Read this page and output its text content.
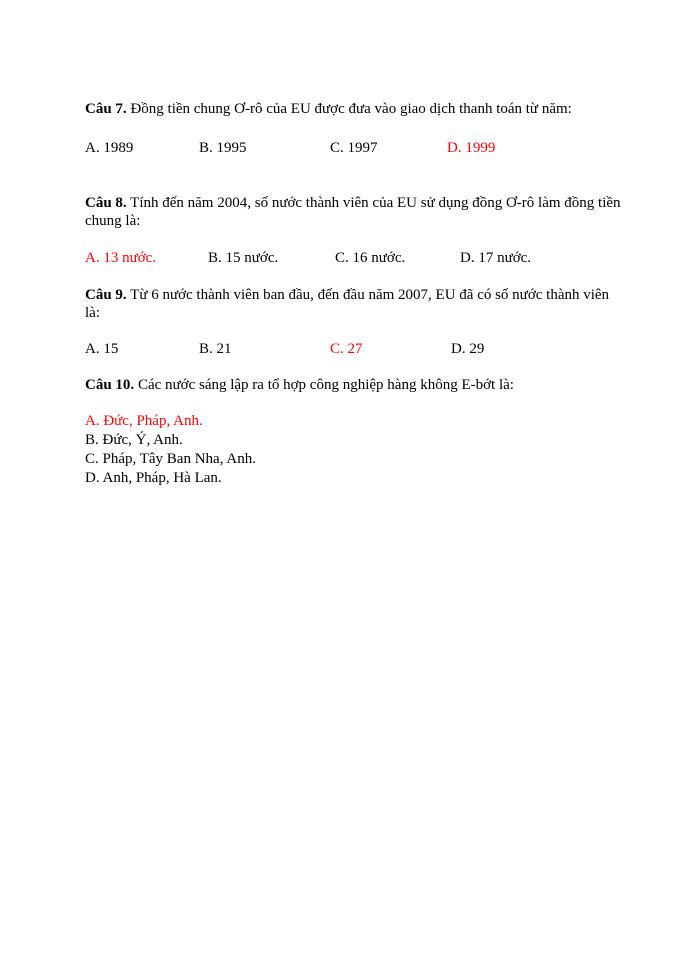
Câu 7. Đồng tiền chung Ơ-rô của EU được đưa vào giao dịch thanh toán từ năm:

A. 1989	B. 1995	C. 1997	D. 1999

Câu 8. Tính đến năm 2004, số nước thành viên của EU sử dụng đồng Ơ-rô làm đồng tiền chung là:

A. 13 nước.	B. 15 nước.	C. 16 nước.	D. 17 nước.

Câu 9. Từ 6 nước thành viên ban đầu, đến đầu năm 2007, EU đã có số nước thành viên là:

A. 15	B. 21	C. 27	D. 29

Câu 10. Các nước sáng lập ra tổ hợp công nghiệp hàng không E-bớt là:

A. Đức, Pháp, Anh.
B. Đức, Ý, Anh.
C. Pháp, Tây Ban Nha, Anh.
D. Anh, Pháp, Hà Lan.
